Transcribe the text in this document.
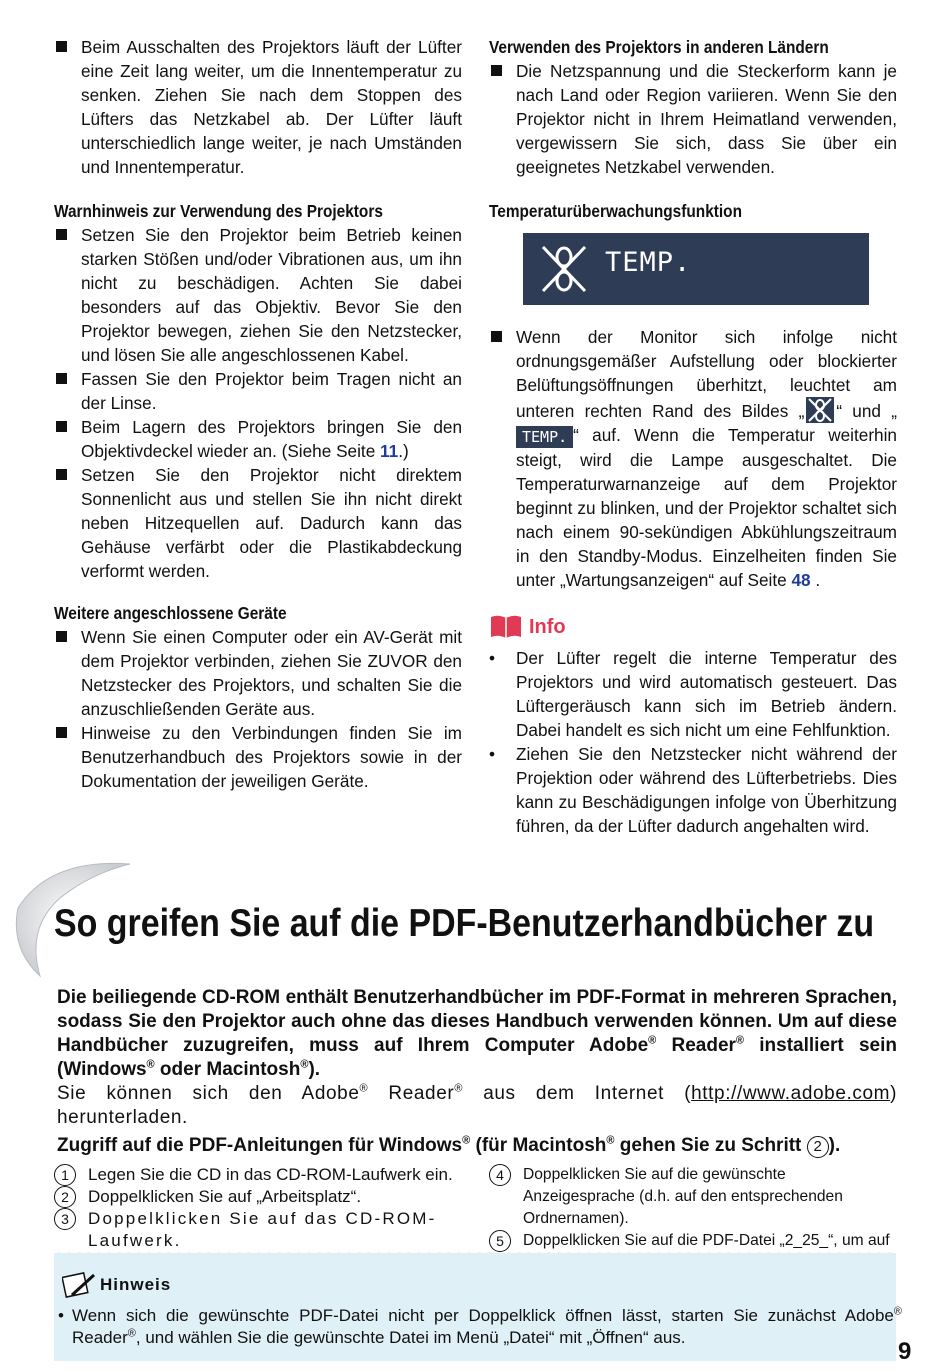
Beim Ausschalten des Projektors läuft der Lüfter eine Zeit lang weiter, um die Innentemperatur zu senken. Ziehen Sie nach dem Stoppen des Lüfters das Netzkabel ab. Der Lüfter läuft unterschiedlich lange weiter, je nach Umständen und Innentemperatur.
Warnhinweis zur Verwendung des Projektors
Setzen Sie den Projektor beim Betrieb keinen starken Stößen und/oder Vibrationen aus, um ihn nicht zu beschädigen. Achten Sie dabei besonders auf das Objektiv. Bevor Sie den Projektor bewegen, ziehen Sie den Netzstecker, und lösen Sie alle angeschlossenen Kabel.
Fassen Sie den Projektor beim Tragen nicht an der Linse.
Beim Lagern des Projektors bringen Sie den Objektivdeckel wieder an. (Siehe Seite 11.)
Setzen Sie den Projektor nicht direktem Sonnenlicht aus und stellen Sie ihn nicht direkt neben Hitzequellen auf. Dadurch kann das Gehäuse verfärbt oder die Plastikabdeckung verformt werden.
Weitere angeschlossene Geräte
Wenn Sie einen Computer oder ein AV-Gerät mit dem Projektor verbinden, ziehen Sie ZUVOR den Netzstecker des Projektors, und schalten Sie die anzuschließenden Geräte aus.
Hinweise zu den Verbindungen finden Sie im Benutzerhandbuch des Projektors sowie in der Dokumentation der jeweiligen Geräte.
Verwenden des Projektors in anderen Ländern
Die Netzspannung und die Steckerform kann je nach Land oder Region variieren. Wenn Sie den Projektor nicht in Ihrem Heimatland verwenden, vergewissern Sie sich, dass Sie über ein geeignetes Netzkabel verwenden.
Temperaturüberwachungsfunktion
TEMP.
Wenn der Monitor sich infolge nicht ordnungsgemäßer Aufstellung oder blockierter Belüftungsöffnungen überhitzt, leuchtet am unteren rechten Rand des Bildes „ “ und „TEMP. “ auf. Wenn die Temperatur weiterhin steigt, wird die Lampe ausgeschaltet. Die Temperaturwarnanzeige auf dem Projektor beginnt zu blinken, und der Projektor schaltet sich nach einem 90-sekündigen Abkühlungszeitraum in den Standby-Modus. Einzelheiten finden Sie unter „Wartungsanzeigen“ auf Seite 48 .
Info
• Der Lüfter regelt die interne Temperatur des Projektors und wird automatisch gesteuert. Das Lüftergeräusch kann sich im Betrieb ändern. Dabei handelt es sich nicht um eine Fehlfunktion.
• Ziehen Sie den Netzstecker nicht während der Projektion oder während des Lüfterbetriebs. Dies kann zu Beschädigungen infolge von Überhitzung führen, da der Lüfter dadurch angehalten wird.
So greifen Sie auf die PDF-Benutzerhandbücher zu
Die beiliegende CD-ROM enthält Benutzerhandbücher im PDF-Format in mehreren Sprachen, sodass Sie den Projektor auch ohne das dieses Handbuch verwenden können. Um auf diese Handbücher zuzugreifen, muss auf Ihrem Computer Adobe® Reader® installiert sein (Windows® oder Macintosh®).
Sie können sich den Adobe® Reader® aus dem Internet (http://www.adobe.com) herunterladen.
Zugriff auf die PDF-Anleitungen für Windows® (für Macintosh® gehen Sie zu Schritt 2 ).
1	Legen Sie die CD in das CD-ROM-Laufwerk ein.
2	Doppelklicken Sie auf „Arbeitsplatz“.
3	Doppelklicken Sie auf das CD-ROM-Laufwerk.
4	Doppelklicken Sie auf die gewünschte Anzeigesprache (d.h. auf den entsprechenden Ordnernamen).
5	Doppelklicken Sie auf die PDF-Datei „2_25_“, um auf
Hinweis
• Wenn sich die gewünschte PDF-Datei nicht per Doppelklick öffnen lässt, starten Sie zunächst Adobe® Reader®, und wählen Sie die gewünschte Datei im Menü „Datei“ mit „Öffnen“ aus.
9
